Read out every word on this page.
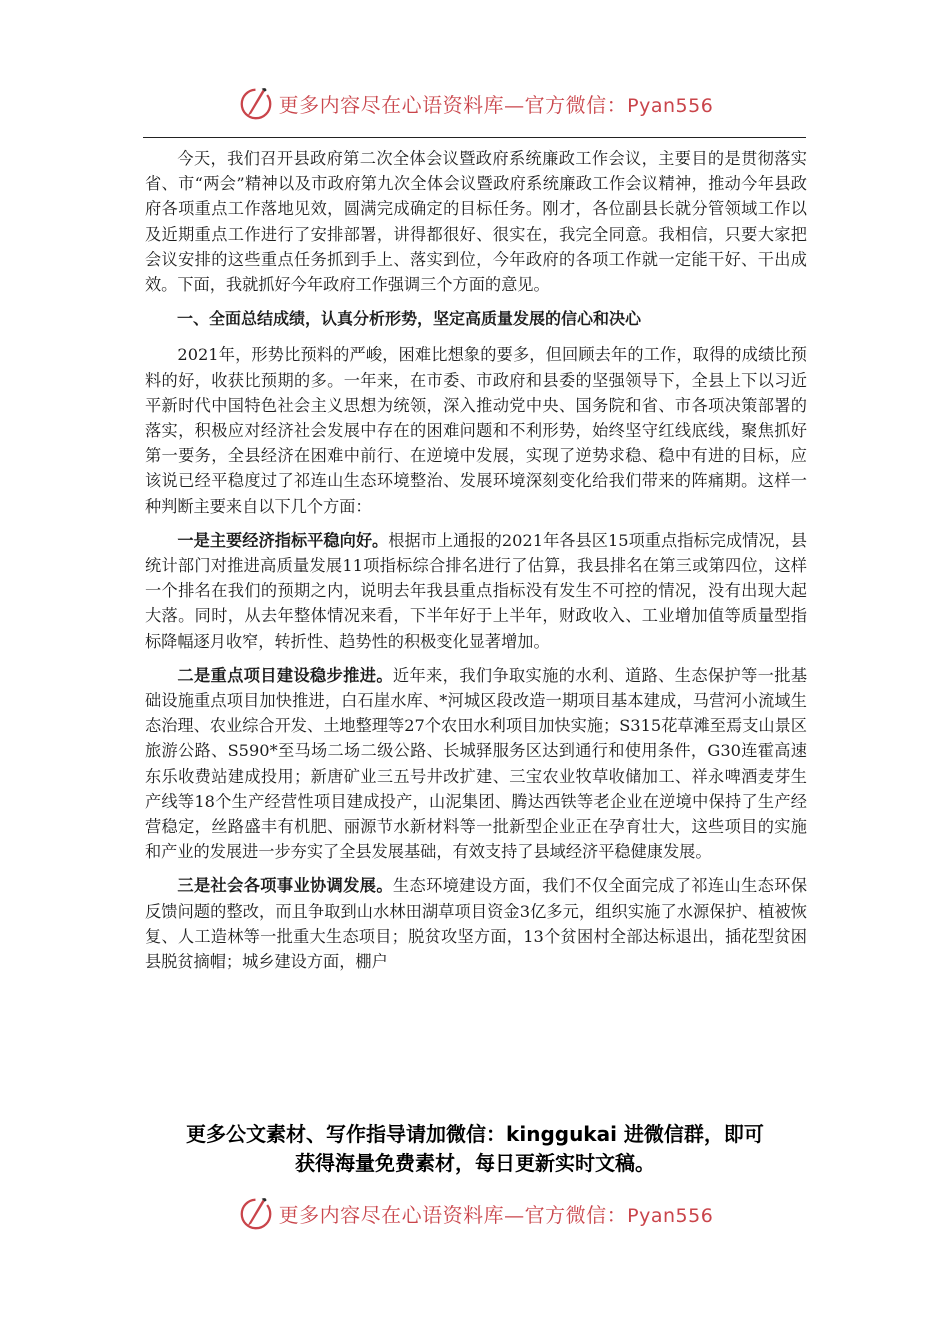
更多内容尽在心语资料库—官方微信：Pyan556

今天，我们召开县政府第二次全体会议暨政府系统廉政工作会议，主要目的是贯彻落实省、市“两会”精神以及市政府第九次全体会议暨政府系统廉政工作会议精神，推动今年县政府各项重点工作落地见效，圆满完成确定的目标任务。刚才，各位副县长就分管领域工作以及近期重点工作进行了安排部署，讲得都很好、很实在，我完全同意。我相信，只要大家把会议安排的这些重点任务抓到手上、落实到位，今年政府的各项工作就一定能干好、干出成效。下面，我就抓好今年政府工作强调三个方面的意见。

一、全面总结成绩，认真分析形势，坚定高质量发展的信心和决心

2021年，形势比预料的严峻，困难比想象的要多，但回顾去年的工作，取得的成绩比预料的好，收获比预期的多。一年来，在市委、市政府和县委的坚强领导下，全县上下以习近平新时代中国特色社会主义思想为统领，深入推动党中央、国务院和省、市各项决策部署的落实，积极应对经济社会发展中存在的困难问题和不利形势，始终坚守红线底线，聚焦抓好第一要务，全县经济在困难中前行、在逆境中发展，实现了逆势求稳、稳中有进的目标，应该说已经平稳度过了祁连山生态环境整治、发展环境深刻变化给我们带来的阵痛期。这样一种判断主要来自以下几个方面：

一是主要经济指标平稳向好。根据市上通报的2021年各县区15项重点指标完成情况，县统计部门对推进高质量发展11项指标综合排名进行了估算，我县排名在第三或第四位，这样一个排名在我们的预期之内，说明去年我县重点指标没有发生不可控的情况，没有出现大起大落。同时，从去年整体情况来看，下半年好于上半年，财政收入、工业增加值等质量型指标降幅逐月收窄，转折性、趋势性的积极变化显著增加。

二是重点项目建设稳步推进。近年来，我们争取实施的水利、道路、生态保护等一批基础设施重点项目加快推进，白石崖水库、*河城区段改造一期项目基本建成，马营河小流域生态治理、农业综合开发、土地整理等27个农田水利项目加快实施；S315花草滩至焉支山景区旅游公路、S590*至马场二场二级公路、长城驿服务区达到通行和使用条件，G30连霍高速东乐收费站建成投用；新唐矿业三五号井改扩建、三宝农业牧草收储加工、祥永啤酒麦芽生产线等18个生产经营性项目建成投产，山泥集团、腾达西铁等老企业在逆境中保持了生产经营稳定，丝路盛丰有机肥、丽源节水新材料等一批新型企业正在孕育壮大，这些项目的实施和产业的发展进一步夯实了全县发展基础，有效支持了县域经济平稳健康发展。

三是社会各项事业协调发展。生态环境建设方面，我们不仅全面完成了祁连山生态环保反馈问题的整改，而且争取到山水林田湖草项目资金3亿多元，组织实施了水源保护、植被恢复、人工造林等一批重大生态项目；脱贫攻坚方面，13个贫困村全部达标退出，插花型贫困县脱贫摘帽；城乡建设方面，棚户

更多公文素材、写作指导请加微信：kinggukai 进微信群，即可
获得海量免费素材，每日更新实时文稿。
更多内容尽在心语资料库—官方微信：Pyan556
